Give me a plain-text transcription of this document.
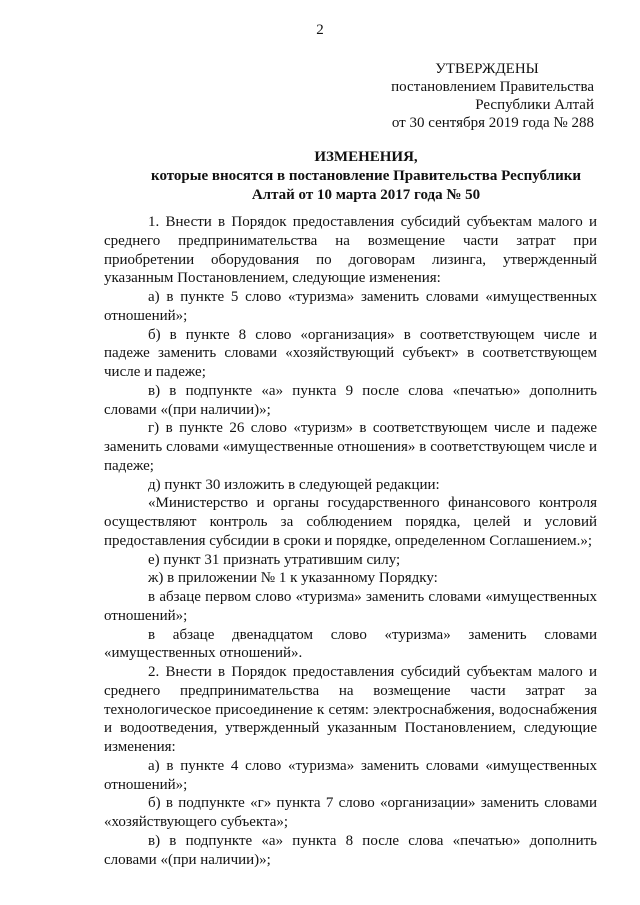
2
УТВЕРЖДЕНЫ
постановлением Правительства
Республики Алтай
от 30 сентября 2019 года № 288
ИЗМЕНЕНИЯ,
которые вносятся в постановление Правительства Республики
Алтай от 10 марта 2017 года № 50

1. Внести в Порядок предоставления субсидий субъектам малого и среднего предпринимательства на возмещение части затрат при приобретении оборудования по договорам лизинга, утвержденный указанным Постановлением, следующие изменения:

а) в пункте 5 слово «туризма» заменить словами «имущественных отношений»;

б) в пункте 8 слово «организация» в соответствующем числе и падеже заменить словами «хозяйствующий субъект» в соответствующем числе и падеже;

в) в подпункте «а» пункта 9 после слова «печатью» дополнить словами «(при наличии)»;

г) в пункте 26 слово «туризм» в соответствующем числе и падеже заменить словами «имущественные отношения» в соответствующем числе и падеже;

д) пункт 30 изложить в следующей редакции:

«Министерство и органы государственного финансового контроля осуществляют контроль за соблюдением порядка, целей и условий предоставления субсидии в сроки и порядке, определенном Соглашением.»;

е) пункт 31 признать утратившим силу;

ж) в приложении № 1 к указанному Порядку:

в абзаце первом слово «туризма» заменить словами «имущественных отношений»;

в абзаце двенадцатом слово «туризма» заменить словами «имущественных отношений».

2. Внести в Порядок предоставления субсидий субъектам малого и среднего предпринимательства на возмещение части затрат за технологическое присоединение к сетям: электроснабжения, водоснабжения и водоотведения, утвержденный указанным Постановлением, следующие изменения:

а) в пункте 4 слово «туризма» заменить словами «имущественных отношений»;

б) в подпункте «г» пункта 7 слово «организации» заменить словами «хозяйствующего субъекта»;

в) в подпункте «а» пункта 8 после слова «печатью» дополнить словами «(при наличии)»;
